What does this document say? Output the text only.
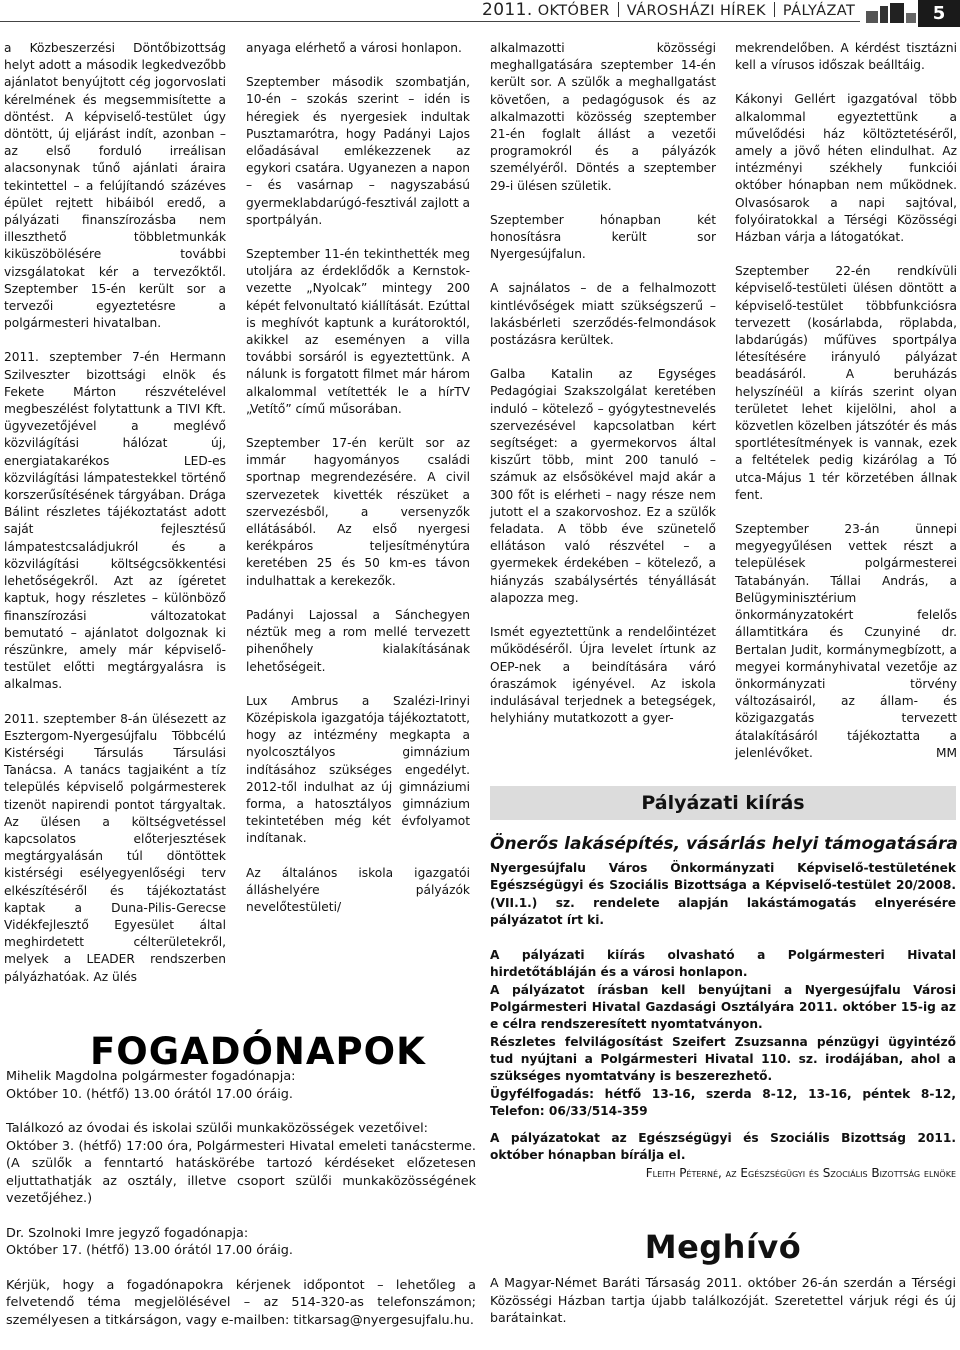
2011. OKTÓBER VÁROSHÁZI HÍREK PÁLYÁZAT	5

a Közbeszerzési Döntőbizottság helyt adott a második legkedvezőbb ajánlatot benyújtott cég jogorvoslati kérelmének és megsemmisítette a döntést. A képviselő-testület úgy döntött, új eljárást indít, azonban – az első forduló irreálisan alacsonynak tűnő ajánlati áraira tekintettel – a felújítandó százéves épület rejtett hibáiból eredő, a pályázati finanszírozásba nem illeszthető többletmunkák kiküszöbölésére további vizsgálatokat kér a tervezőktől. Szeptember 15-én került sor a tervezői egyeztetésre a polgármesteri hivatalban.

2011. szeptember 7-én Hermann Szilveszter bizottsági elnök és Fekete Márton részvételével megbeszélést folytattunk a TIVI Kft. ügyvezetőjével a meglévő közvilágítási hálózat új, energiatakarékos LED-es közvilágítási lámpatestekkel történő korszerűsítésének tárgyában. Drága Bálint részletes tájékoztatást adott saját fejlesztésű lámpatestcsaládjukról és a közvilágítási költségcsökkentési lehetőségekről. Azt az ígéretet kaptuk, hogy részletes – különböző finanszírozási változatokat bemutató – ajánlatot dolgoznak ki részünkre, amely már képviselő-testület előtti megtárgyalásra is alkalmas.

2011. szeptember 8-án ülésezett az Esztergom-Nyergesújfalu Többcélú Kistérségi Társulás Társulási Tanácsa. A tanács tagjaiként a tíz település képviselő polgármesterek tizenöt napirendi pontot tárgyaltak. Az ülésen a költségvetéssel kapcsolatos előterjesztések megtárgyalásán túl döntöttek kistérségi esélyegyenlőségi terv elkészítéséről és tájékoztatást kaptak a Duna-Pilis-Gerecse Vidékfejlesztő Egyesület által meghirdetett célterületekről, melyek a LEADER rendszerben pályázhatóak. Az ülés

anyaga elérhető a városi honlapon.

Szeptember második szombatján, 10-én – szokás szerint – idén is héregiek és nyergesiek indultak Pusztamarótra, hogy Padányi Lajos előadásával emlékezzenek az egykori csatára. Ugyanezen a napon – és vasárnap – nagyszabású gyermeklabdarúgó-fesztivál zajlott a sportpályán.

Szeptember 11-én tekinthették meg utoljára az érdeklődők a Kernstok-vezette „Nyolcak” mintegy 200 képét felvonultató kiállítását. Ezúttal is meghívót kaptunk a kurátoroktól, akikkel az eseményen a villa további sorsáról is egyeztettünk. A nálunk is forgatott filmet már három alkalommal vetítették le a hírTV „Vetítő” című műsorában.

Szeptember 17-én került sor az immár hagyományos családi sportnap megrendezésére. A civil szervezetek kivették részüket a szervezésből, a versenyzők ellátásából. Az első nyergesi kerékpáros teljesítménytúra keretében 25 és 50 km-es távon indulhattak a kerekezők.

Padányi Lajossal a Sánchegyen néztük meg a rom mellé tervezett pihenőhely kialakításának lehetőségeit.

Lux Ambrus a Szalézi-Irinyi Középiskola igazgatója tájékoztatott, hogy az intézmény megkapta a nyolcosztályos gimnázium indításához szükséges engedélyt. 2012-től indulhat az új gimnáziumi forma, a hatosztályos gimnázium tekintetében még két évfolyamot indítanak.

Az általános iskola igazgatói álláshelyére pályázók nevelőtestületi/

alkalmazotti közösségi meghallgatására szeptember 14-én került sor. A szülők a meghallgatást követően, a pedagógusok és az alkalmazotti közösség szeptember 21-én foglalt állást a vezetői programokról és a pályázók személyéről. Döntés a szeptember 29-i ülésen születik.

Szeptember hónapban két honosításra került sor Nyergesújfalun.

A sajnálatos – de a felhalmozott kintlévőségek miatt szükségszerű – lakásbérleti szerződés-felmondások postázásra kerültek.

Galba Katalin az Egységes Pedagógiai Szakszolgálat keretében induló – kötelező – gyógytestnevelés szervezésével kapcsolatban kért segítséget: a gyermekorvos által kiszűrt több, mint 200 tanuló – számuk az elsősökével majd akár a 300 főt is elérheti – nagy része nem jutott el a szakorvoshoz. Ez a szülők feladata. A több éve szünetelő ellátáson való részvétel – a gyermekek érdekében – kötelező, a hiányzás szabálysértés tényállását alapozza meg.

Ismét egyeztettünk a rendelőintézet működéséről. Újra levelet írtunk az OEP-nek a beindítására váró óraszámok igényével. Az iskola indulásával terjednek a betegségek, helyhiány mutatkozott a gyer-

mekrendelőben. A kérdést tisztázni kell a vírusos időszak beálltáig.

Kákonyi Gellért igazgatóval több alkalommal egyeztettünk a művelődési ház költöztetéséről, amely a jövő héten elindulhat. Az intézményi székhely funkciói október hónapban nem működnek. Olvasósarok a napi sajtóval, folyóiratokkal a Térségi Közösségi Házban várja a látogatókat.

Szeptember 22-én rendkívüli képviselő-testületi ülésen döntött a képviselő-testület többfunkciósra tervezett (kosárlabda, röplabda, labdarúgás) műfüves sportpálya létesítésére irányuló pályázat beadásáról. A beruházás helyszínéül a kiírás szerint olyan területet lehet kijelölni, ahol a közvetlen közelben játszótér és más sportlétesítmények is vannak, ezek a feltételek pedig kizárólag a Tó utca-Május 1 tér körzetében állnak fent.

Szeptember 23-án ünnepi megyegyűlésen vettek részt a települések polgármesterei Tatabányán. Tállai András, a Belügyminisztérium önkormányzatokért felelős államtitkára és Czunyiné dr. Bertalan Judit, kormánymegbízott, a megyei kormányhivatal vezetője az önkormányzati törvény változásairól, az állam- és közigazgatás tervezett átalakításáról tájékoztatta a jelenlévőket.	MM

FOGADÓNAPOK
Mihelik Magdolna polgármester fogadónapja:
Október 10. (hétfő) 13.00 órától 17.00 óráig.
Találkozó az óvodai és iskolai szülői munkaközösségek vezetőivel:
Október 3. (hétfő) 17:00 óra, Polgármesteri Hivatal emeleti tanácsterme. (A szülők a fenntartó hatáskörébe tartozó kérdéseket előzetesen eljuttathatják az osztály, illetve csoport szülői munkaközösségének vezetőjéhez.)
Dr. Szolnoki Imre jegyző fogadónapja:
Október 17. (hétfő) 13.00 órától 17.00 óráig.
Kérjük, hogy a fogadónapokra kérjenek időpontot – lehetőleg a felvetendő téma megjelölésével – az 514-320-as telefonszámon; személyesen a titkárságon, vagy e-mailben: titkarsag@nyergesujfalu.hu.
Pályázati kiírás
Önerős lakásépítés, vásárlás helyi támogatására

Nyergesújfalu Város Önkormányzati Képviselő-testületének Egészségügyi és Szociális Bizottsága a Képviselő-testület 20/2008.(VII.1.) sz. rendelete alapján lakástámogatás elnyerésére pályázatot írt ki.

A pályázati kiírás olvasható a Polgármesteri Hivatal hirdetőtábláján és a városi honlapon.

A pályázatot írásban kell benyújtani a Nyergesújfalu Városi Polgármesteri Hivatal Gazdasági Osztályára 2011. október 15-ig az e célra rendszeresített nyomtatványon.

Részletes felvilágosítást Szeifert Zsuzsanna pénzügyi ügyintéző tud nyújtani a Polgármesteri Hivatal 110. sz. irodájában, ahol a szükséges nyomtatvány is beszerezhető.

Ügyfélfogadás: hétfő 13-16, szerda 8-12, 13-16, péntek 8-12, Telefon: 06/33/514-359

A pályázatokat az Egészségügyi és Szociális Bizottság 2011. október hónapban bírálja el.

Fleith Péterné, az Egészségügyi és Szociális Bizottság elnöke
Meghívó
A Magyar-Német Baráti Társaság 2011. október 26-án szerdán a Térségi Közösségi Házban tartja újabb találkozóját. Szeretettel várjuk régi és új barátainkat.
